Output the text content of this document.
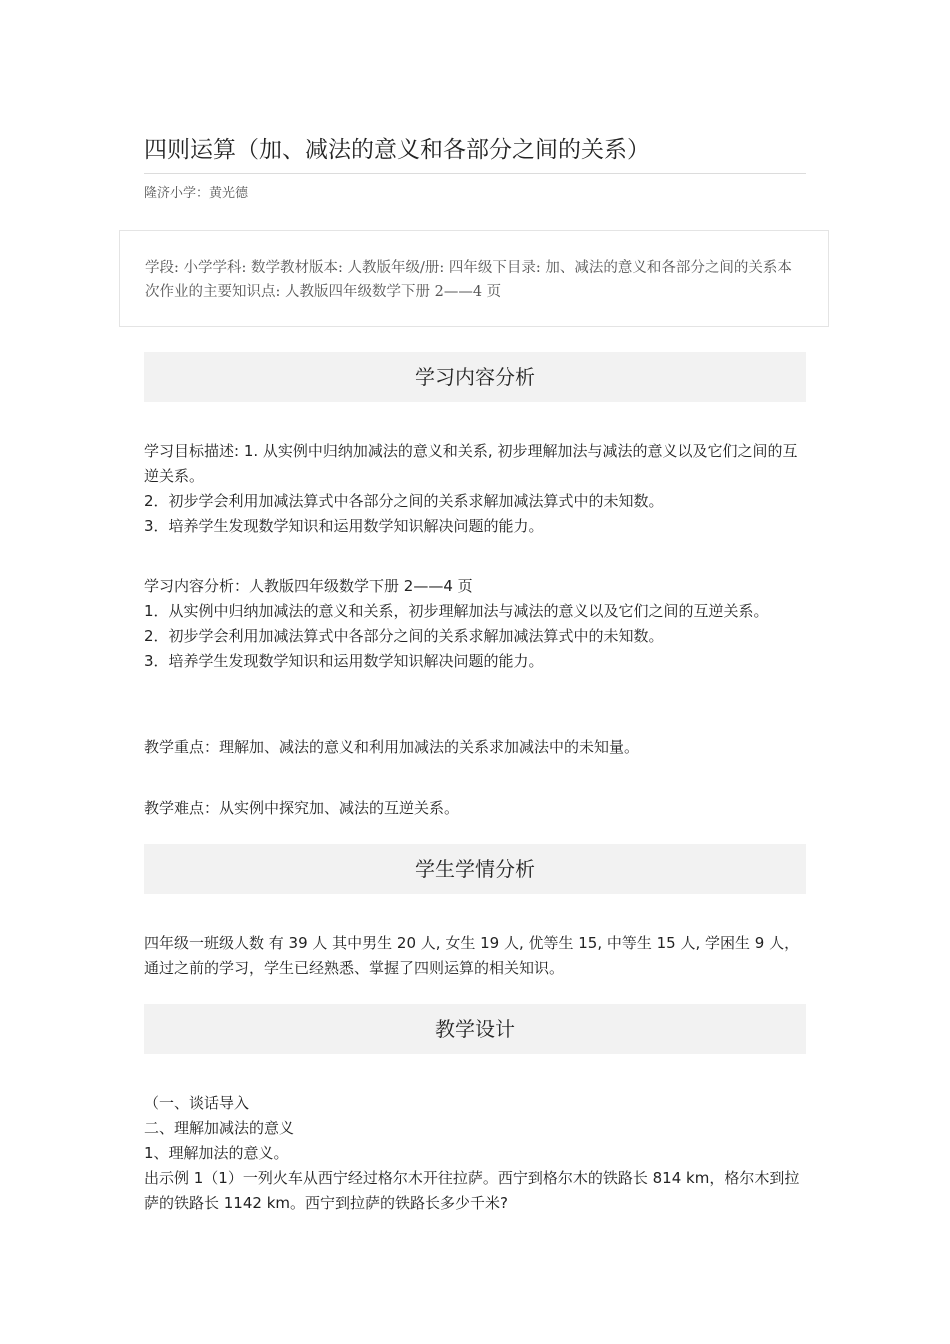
四则运算（加、减法的意义和各部分之间的关系）
隆济小学：黄光德

学段: 小学学科: 数学教材版本: 人教版年级/册: 四年级下目录: 加、减法的意义和各部分之间的关系本次作业的主要知识点: 人教版四年级数学下册 2——4 页

学习内容分析

学习目标描述: 1. 从实例中归纳加减法的意义和关系, 初步理解加法与减法的意义以及它们之间的互逆关系。

2．初步学会利用加减法算式中各部分之间的关系求解加减法算式中的未知数。

3．培养学生发现数学知识和运用数学知识解决问题的能力。

学习内容分析：人教版四年级数学下册 2——4 页

1．从实例中归纳加减法的意义和关系，初步理解加法与减法的意义以及它们之间的互逆关系。

2．初步学会利用加减法算式中各部分之间的关系求解加减法算式中的未知数。

3．培养学生发现数学知识和运用数学知识解决问题的能力。

教学重点：理解加、减法的意义和利用加减法的关系求加减法中的未知量。

教学难点：从实例中探究加、减法的互逆关系。

学生学情分析

四年级一班级人数 有 39 人 其中男生 20 人, 女生 19 人, 优等生 15, 中等生 15 人, 学困生 9 人，通过之前的学习，学生已经熟悉、掌握了四则运算的相关知识。

教学设计

（一、谈话导入

二、理解加减法的意义

1、理解加法的意义。

出示例 1（1）一列火车从西宁经过格尔木开往拉萨。西宁到格尔木的铁路长 814 km，格尔木到拉萨的铁路长 1142 km。西宁到拉萨的铁路长多少千米?
